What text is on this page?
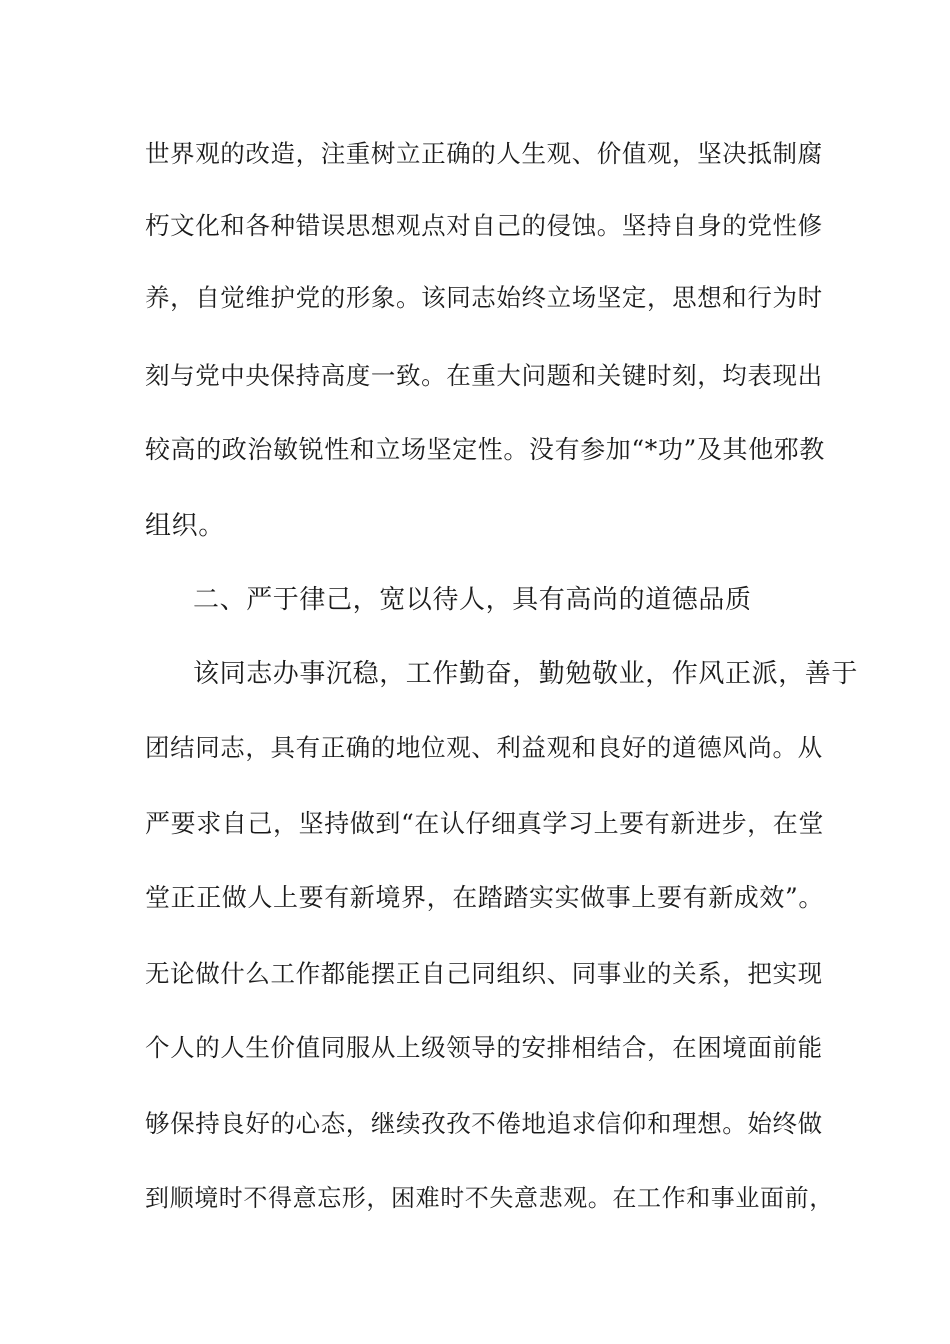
世界观的改造，注重树立正确的人生观、价值观，坚决抵制腐
朽文化和各种错误思想观点对自己的侵蚀。坚持自身的党性修
养，自觉维护党的形象。该同志始终立场坚定，思想和行为时
刻与党中央保持高度一致。在重大问题和关键时刻，均表现出
较高的政治敏锐性和立场坚定性。没有参加“*功”及其他邪教
组织。
二、严于律己，宽以待人，具有高尚的道德品质
该同志办事沉稳，工作勤奋，勤勉敬业，作风正派，善于
团结同志，具有正确的地位观、利益观和良好的道德风尚。从
严要求自己，坚持做到“在认仔细真学习上要有新进步，在堂
堂正正做人上要有新境界，在踏踏实实做事上要有新成效”。
无论做什么工作都能摆正自己同组织、同事业的关系，把实现
个人的人生价值同服从上级领导的安排相结合，在困境面前能
够保持良好的心态，继续孜孜不倦地追求信仰和理想。始终做
到顺境时不得意忘形，困难时不失意悲观。在工作和事业面前，
